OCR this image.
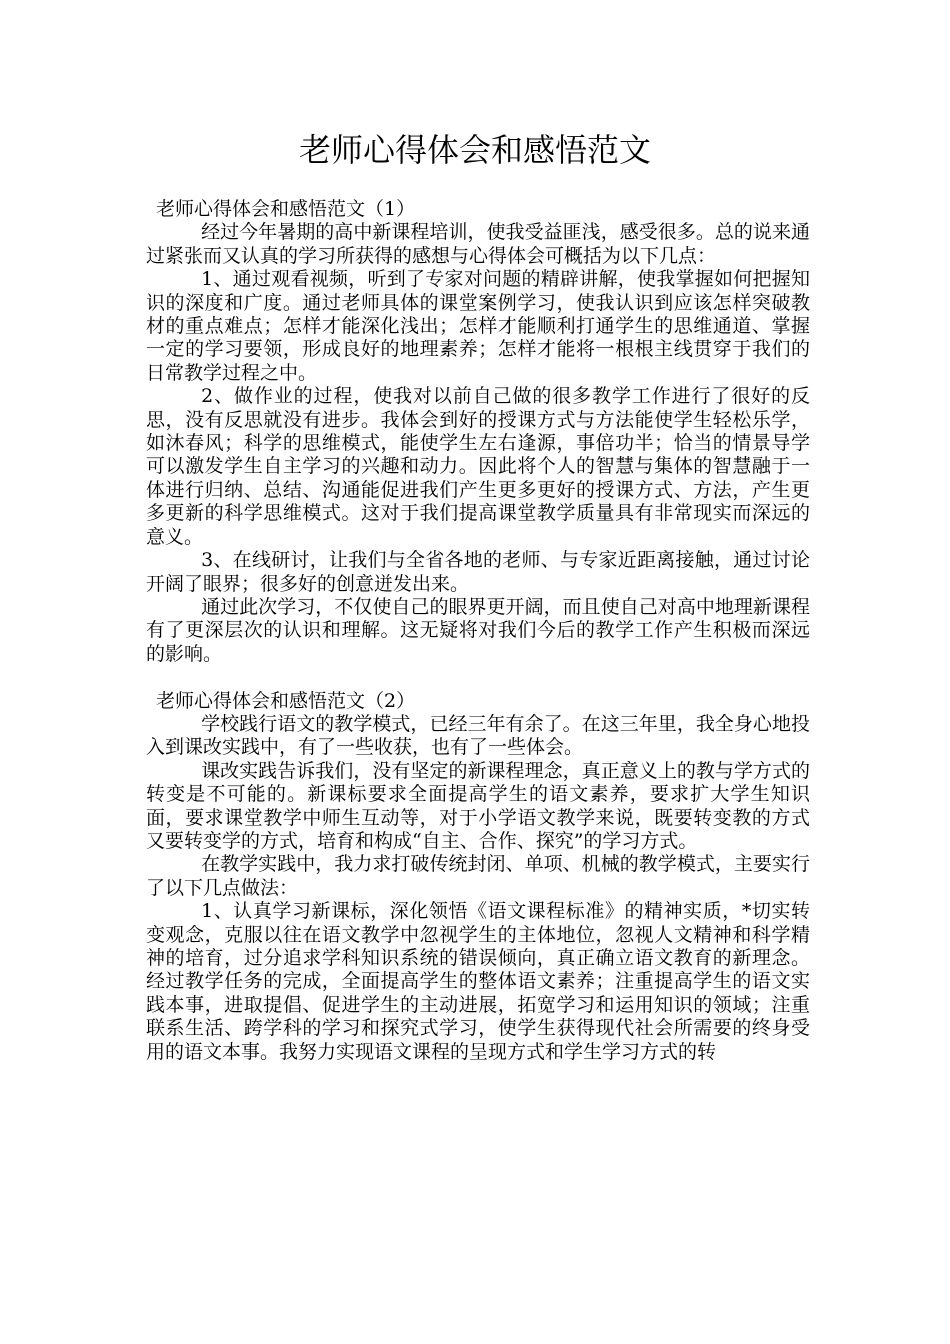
老师心得体会和感悟范文
老师心得体会和感悟范文（1）

经过今年暑期的高中新课程培训，使我受益匪浅，感受很多。总的说来通过紧张而又认真的学习所获得的感想与心得体会可概括为以下几点：

1、通过观看视频，听到了专家对问题的精辟讲解，使我掌握如何把握知识的深度和广度。通过老师具体的课堂案例学习，使我认识到应该怎样突破教材的重点难点；怎样才能深化浅出；怎样才能顺利打通学生的思维通道、掌握一定的学习要领，形成良好的地理素养；怎样才能将一根根主线贯穿于我们的日常教学过程之中。

2、做作业的过程，使我对以前自己做的很多教学工作进行了很好的反思，没有反思就没有进步。我体会到好的授课方式与方法能使学生轻松乐学，如沐春风；科学的思维模式，能使学生左右逢源，事倍功半；恰当的情景导学可以激发学生自主学习的兴趣和动力。因此将个人的智慧与集体的智慧融于一体进行归纳、总结、沟通能促进我们产生更多更好的授课方式、方法，产生更多更新的科学思维模式。这对于我们提高课堂教学质量具有非常现实而深远的意义。

3、在线研讨，让我们与全省各地的老师、与专家近距离接触，通过讨论开阔了眼界；很多好的创意迸发出来。

通过此次学习，不仅使自己的眼界更开阔，而且使自己对高中地理新课程有了更深层次的认识和理解。这无疑将对我们今后的教学工作产生积极而深远的影响。

老师心得体会和感悟范文（2）

学校践行语文的教学模式，已经三年有余了。在这三年里，我全身心地投入到课改实践中，有了一些收获，也有了一些体会。

课改实践告诉我们，没有坚定的新课程理念，真正意义上的教与学方式的转变是不可能的。新课标要求全面提高学生的语文素养，要求扩大学生知识面，要求课堂教学中师生互动等，对于小学语文教学来说，既要转变教的方式又要转变学的方式，培育和构成“自主、合作、探究”的学习方式。

在教学实践中，我力求打破传统封闭、单项、机械的教学模式，主要实行了以下几点做法：

1、认真学习新课标，深化领悟《语文课程标准》的精神实质，*切实转变观念，克服以往在语文教学中忽视学生的主体地位，忽视人文精神和科学精神的培育，过分追求学科知识系统的错误倾向，真正确立语文教育的新理念。经过教学任务的完成，全面提高学生的整体语文素养；注重提高学生的语文实践本事，进取提倡、促进学生的主动进展，拓宽学习和运用知识的领域；注重联系生活、跨学科的学习和探究式学习，使学生获得现代社会所需要的终身受用的语文本事。我努力实现语文课程的呈现方式和学生学习方式的转
